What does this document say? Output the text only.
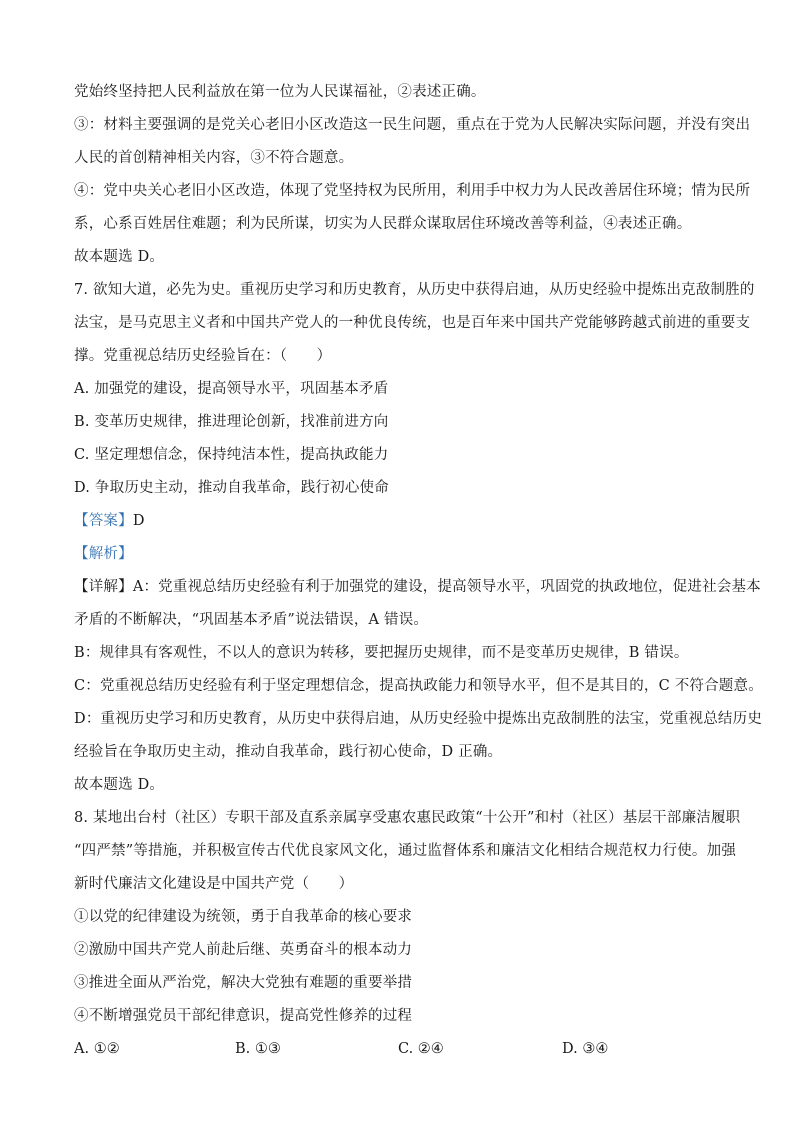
党始终坚持把人民利益放在第一位为人民谋福祉，②表述正确。
③：材料主要强调的是党关心老旧小区改造这一民生问题，重点在于党为人民解决实际问题，并没有突出
人民的首创精神相关内容，③不符合题意。
④：党中央关心老旧小区改造，体现了党坚持权为民所用，利用手中权力为人民改善居住环境；情为民所
系，心系百姓居住难题；利为民所谋，切实为人民群众谋取居住环境改善等利益，④表述正确。
故本题选 D。
7. 欲知大道，必先为史。重视历史学习和历史教育，从历史中获得启迪，从历史经验中提炼出克敌制胜的
法宝，是马克思主义者和中国共产党人的一种优良传统，也是百年来中国共产党能够跨越式前进的重要支
撑。党重视总结历史经验旨在：（　　）
A. 加强党的建设，提高领导水平，巩固基本矛盾
B. 变革历史规律，推进理论创新，找准前进方向
C. 坚定理想信念，保持纯洁本性，提高执政能力
D. 争取历史主动，推动自我革命，践行初心使命
【答案】D
【解析】
【详解】A：党重视总结历史经验有利于加强党的建设，提高领导水平，巩固党的执政地位，促进社会基本
矛盾的不断解决，“巩固基本矛盾”说法错误，A 错误。
B：规律具有客观性，不以人的意识为转移，要把握历史规律，而不是变革历史规律，B 错误。
C：党重视总结历史经验有利于坚定理想信念，提高执政能力和领导水平，但不是其目的，C 不符合题意。
D：重视历史学习和历史教育，从历史中获得启迪，从历史经验中提炼出克敌制胜的法宝，党重视总结历史
经验旨在争取历史主动，推动自我革命，践行初心使命，D 正确。
故本题选 D。
8. 某地出台村（社区）专职干部及直系亲属享受惠农惠民政策“十公开”和村（社区）基层干部廉洁履职
“四严禁”等措施，并积极宣传古代优良家风文化，通过监督体系和廉洁文化相结合规范权力行使。加强
新时代廉洁文化建设是中国共产党（　　）
①以党的纪律建设为统领，勇于自我革命的核心要求
②激励中国共产党人前赴后继、英勇奋斗的根本动力
③推进全面从严治党，解决大党独有难题的重要举措
④不断增强党员干部纪律意识，提高党性修养的过程
A. ①②	B. ①③	C. ②④	D. ③④
